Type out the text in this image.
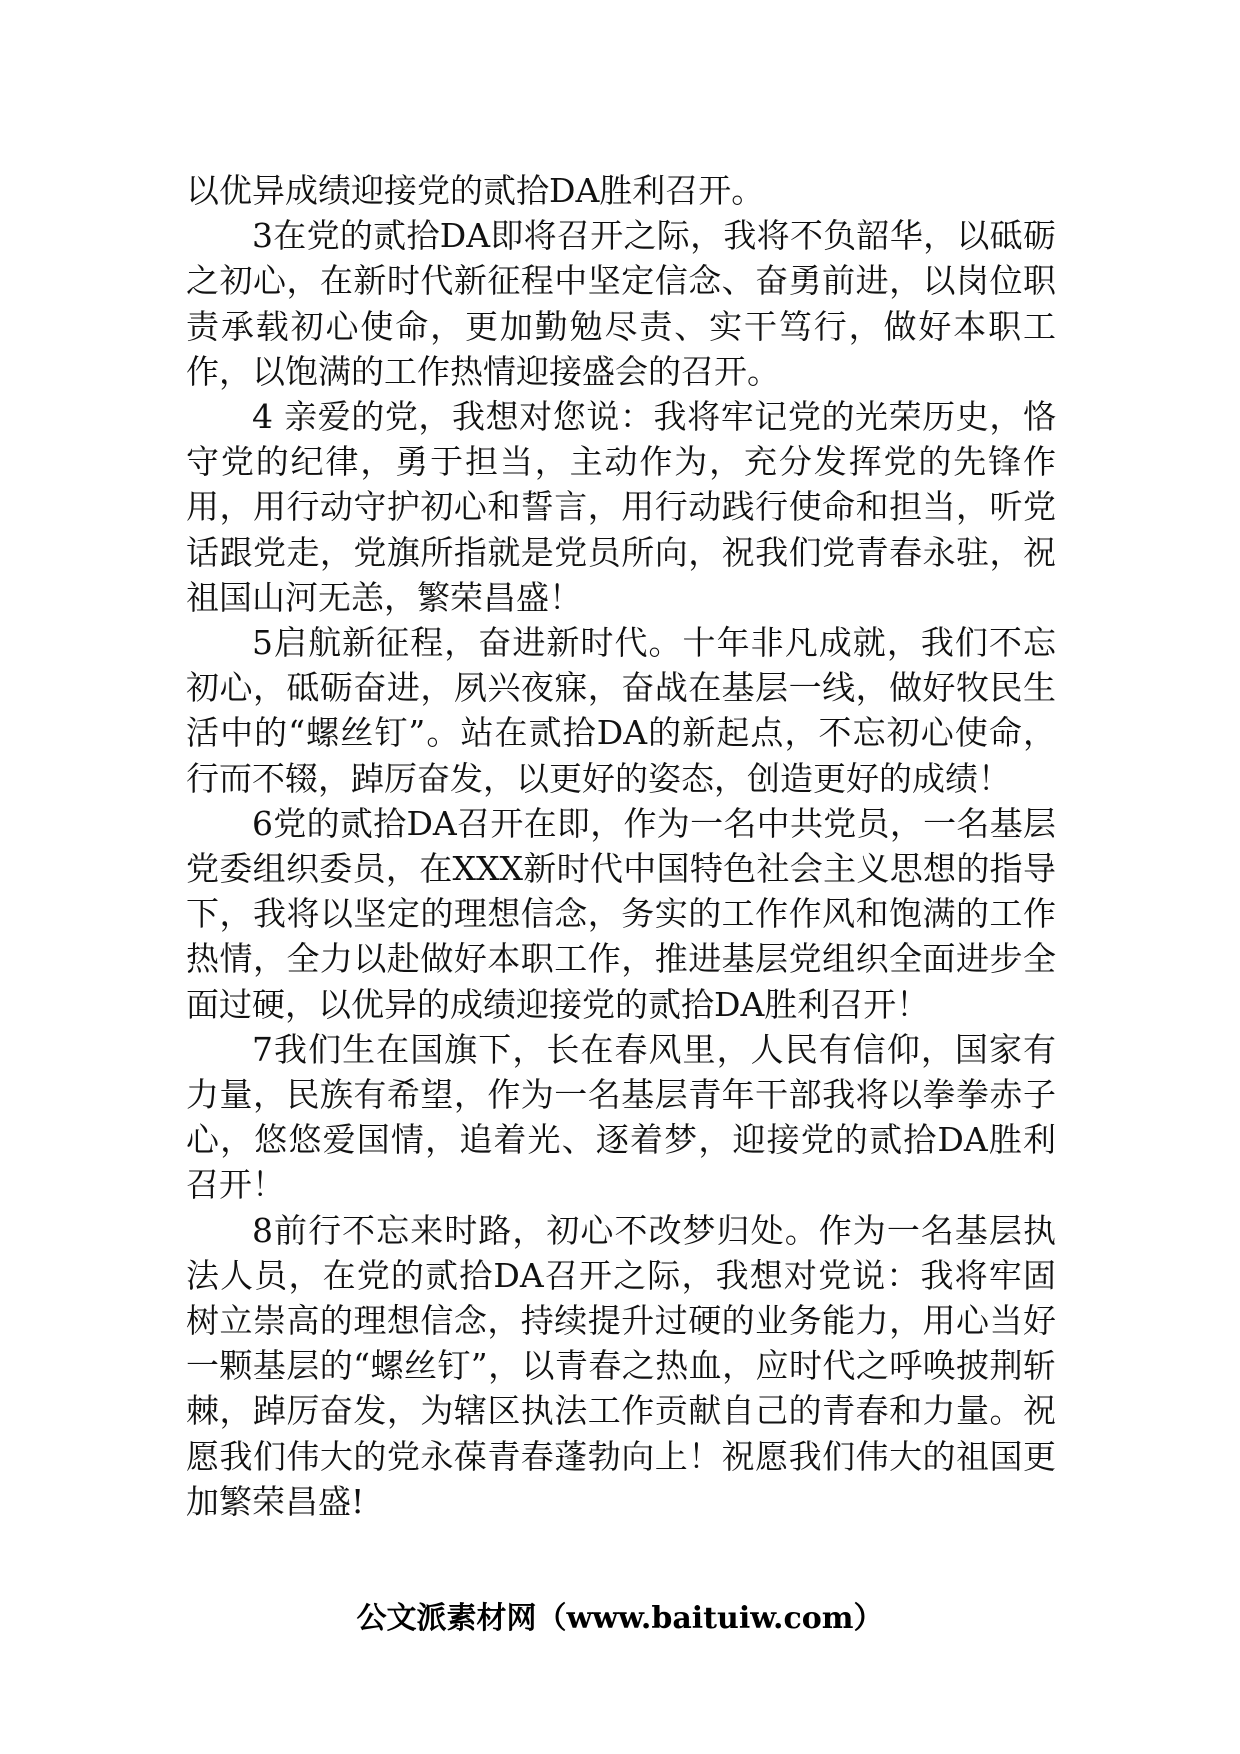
以优异成绩迎接党的贰拾DA胜利召开。

3在党的贰拾DA即将召开之际，我将不负韶华，以砥砺之初心，在新时代新征程中坚定信念、奋勇前进，以岗位职责承载初心使命，更加勤勉尽责、实干笃行，做好本职工作，以饱满的工作热情迎接盛会的召开。

4 亲爱的党，我想对您说：我将牢记党的光荣历史，恪守党的纪律，勇于担当，主动作为，充分发挥党的先锋作用，用行动守护初心和誓言，用行动践行使命和担当，听党话跟党走，党旗所指就是党员所向，祝我们党青春永驻，祝祖国山河无恙，繁荣昌盛！

5启航新征程，奋进新时代。十年非凡成就，我们不忘初心，砥砺奋进，夙兴夜寐，奋战在基层一线，做好牧民生活中的“螺丝钉”。站在贰拾DA的新起点，不忘初心使命，行而不辍，踔厉奋发，以更好的姿态，创造更好的成绩！

6党的贰拾DA召开在即，作为一名中共党员，一名基层党委组织委员，在XXX新时代中国特色社会主义思想的指导下，我将以坚定的理想信念，务实的工作作风和饱满的工作热情，全力以赴做好本职工作，推进基层党组织全面进步全面过硬，以优异的成绩迎接党的贰拾DA胜利召开！

7我们生在国旗下，长在春风里，人民有信仰，国家有力量，民族有希望，作为一名基层青年干部我将以拳拳赤子心，悠悠爱国情，追着光、逐着梦，迎接党的贰拾DA胜利召开！

8前行不忘来时路，初心不改梦归处。作为一名基层执法人员，在党的贰拾DA召开之际，我想对党说：我将牢固树立崇高的理想信念，持续提升过硬的业务能力，用心当好一颗基层的“螺丝钉”，以青春之热血，应时代之呼唤披荆斩棘，踔厉奋发，为辖区执法工作贡献自己的青春和力量。祝愿我们伟大的党永葆青春蓬勃向上！祝愿我们伟大的祖国更加繁荣昌盛!

公文派素材网（www.baituiw.com）
